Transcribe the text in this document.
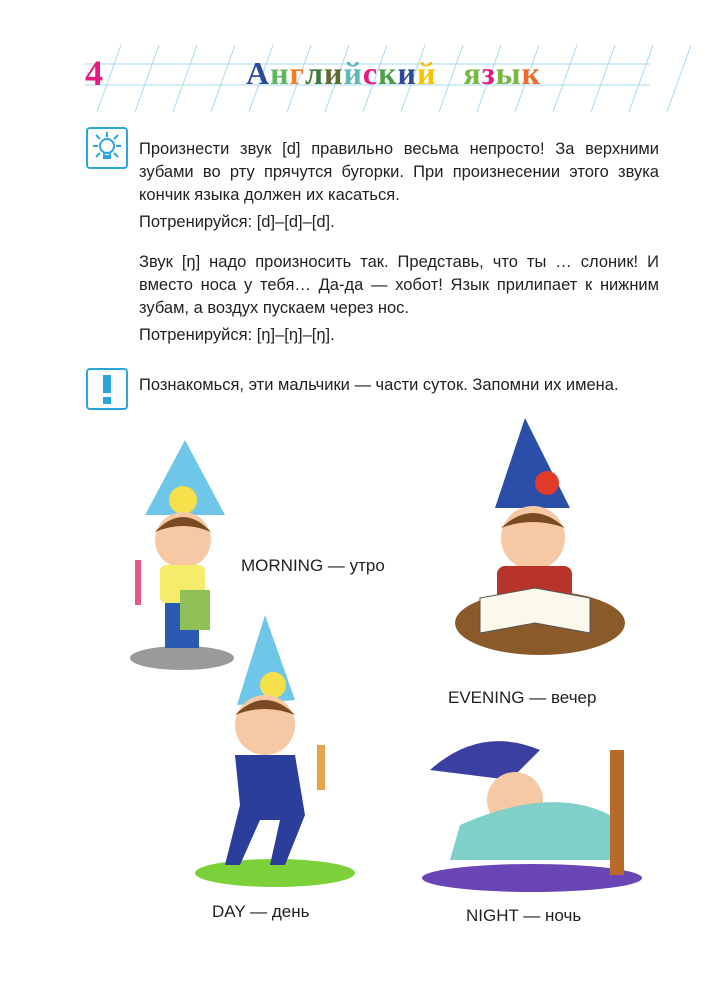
4	Английский язык

Произнести звук [d] правильно весьма непросто! За верхними зубами во рту прячутся бугорки. При произнесении этого звука кончик языка должен их касаться.

Потренируйся: [d]–[d]–[d].

Звук [ŋ] надо произносить так. Представь, что ты … слоник! И вместо носа у тебя… Да-да — хобот! Язык прилипает к нижним зубам, а воздух пускаем через нос.

Потренируйся: [ŋ]–[ŋ]–[ŋ].

Познакомься, эти мальчики — части суток. Запомни их имена.

MORNING — утро
EVENING — вечер
DAY — день	NIGHT — ночь
